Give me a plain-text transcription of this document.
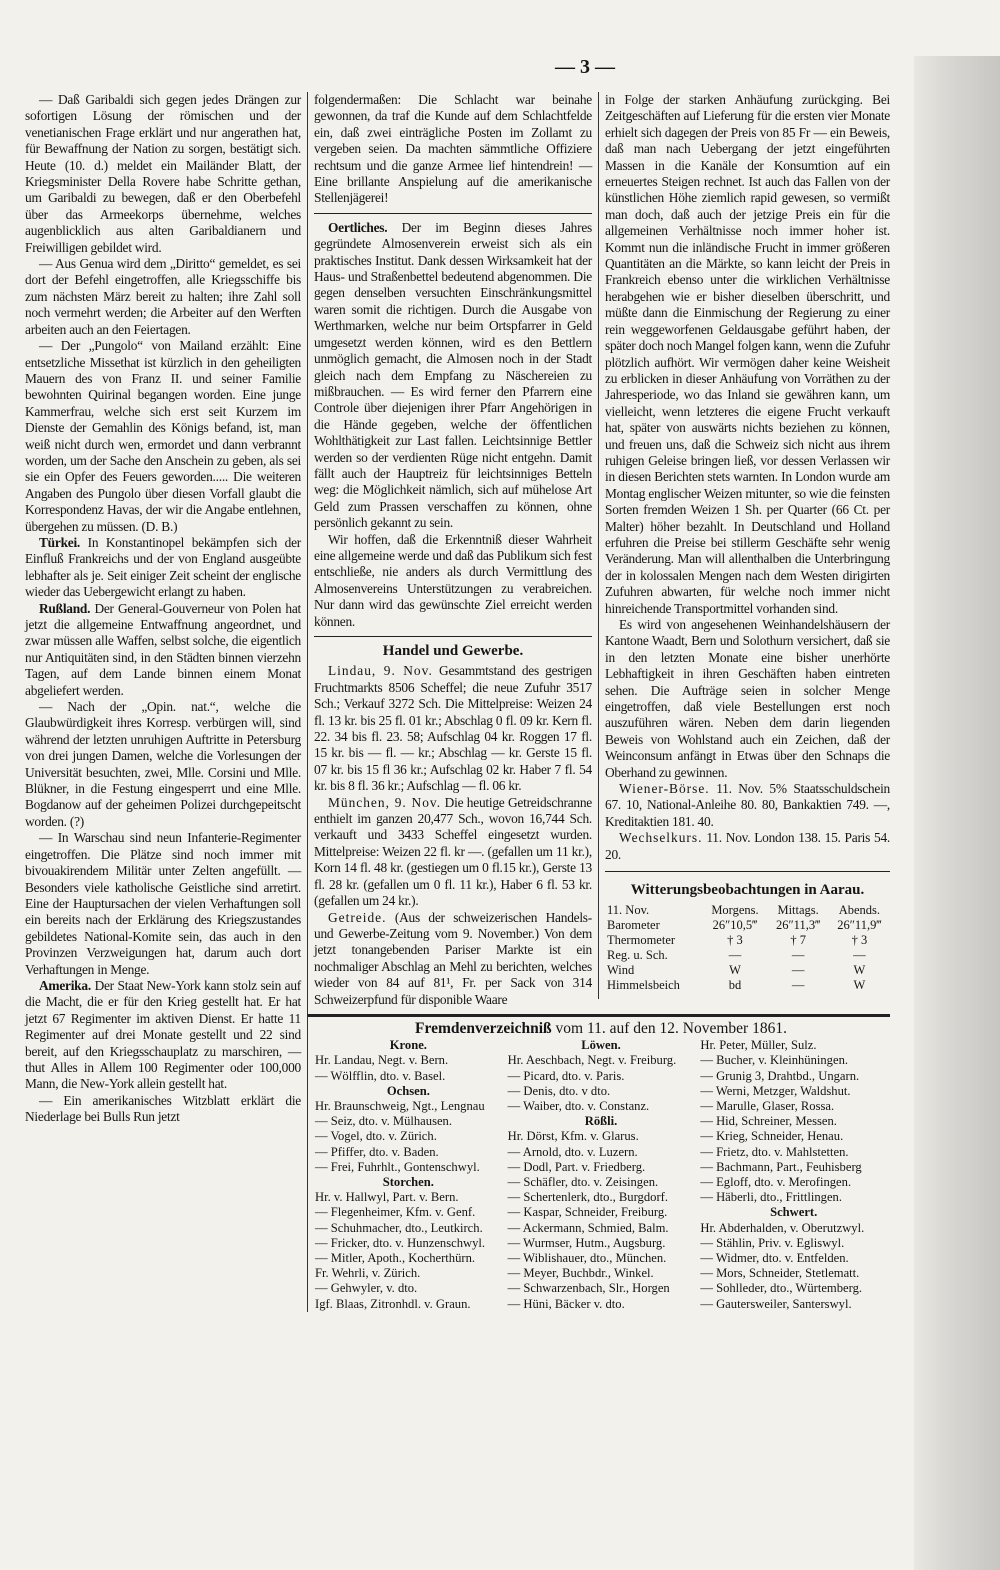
— 3 —

— Daß Garibaldi sich gegen jedes Drängen zur sofortigen Lösung der römischen und der venetianischen Frage erklärt und nur angerathen hat, für Bewaffnung der Nation zu sorgen, bestätigt sich. Heute (10. d.) meldet ein Mailänder Blatt, der Kriegsminister Della Rovere habe Schritte gethan, um Garibaldi zu bewegen, daß er den Oberbefehl über das Armeekorps übernehme, welches augenblicklich aus alten Garibaldianern und Freiwilligen gebildet wird.

— Aus Genua wird dem „Diritto“ gemeldet, es sei dort der Befehl eingetroffen, alle Kriegsschiffe bis zum nächsten März bereit zu halten; ihre Zahl soll noch vermehrt werden; die Arbeiter auf den Werften arbeiten auch an den Feiertagen.

— Der „Pungolo“ von Mailand erzählt: Eine entsetzliche Missethat ist kürzlich in den geheiligten Mauern des von Franz II. und seiner Familie bewohnten Quirinal begangen worden. Eine junge Kammerfrau, welche sich erst seit Kurzem im Dienste der Gemahlin des Königs befand, ist, man weiß nicht durch wen, ermordet und dann verbrannt worden, um der Sache den Anschein zu geben, als sei sie ein Opfer des Feuers geworden..... Die weiteren Angaben des Pungolo über diesen Vorfall glaubt die Korrespondenz Havas, der wir die Angabe entlehnen, übergehen zu müssen. (D. B.)

Türkei. In Konstantinopel bekämpfen sich der Einfluß Frankreichs und der von England ausgeübte lebhafter als je. Seit einiger Zeit scheint der englische wieder das Uebergewicht erlangt zu haben.

Rußland. Der General-Gouverneur von Polen hat jetzt die allgemeine Entwaffnung angeordnet, und zwar müssen alle Waffen, selbst solche, die eigentlich nur Antiquitäten sind, in den Städten binnen vierzehn Tagen, auf dem Lande binnen einem Monat abgeliefert werden.

— Nach der „Opin. nat.“, welche die Glaubwürdigkeit ihres Korresp. verbürgen will, sind während der letzten unruhigen Auftritte in Petersburg von drei jungen Damen, welche die Vorlesungen der Universität besuchten, zwei, Mlle. Corsini und Mlle. Blükner, in die Festung eingesperrt und eine Mlle. Bogdanow auf der geheimen Polizei durchgepeitscht worden. (?)

— In Warschau sind neun Infanterie-Regimenter eingetroffen. Die Plätze sind noch immer mit bivouakirendem Militär unter Zelten angefüllt. — Besonders viele katholische Geistliche sind arretirt. Eine der Hauptursachen der vielen Verhaftungen soll ein bereits nach der Erklärung des Kriegszustandes gebildetes National-Komite sein, das auch in den Provinzen Verzweigungen hat, darum auch dort Verhaftungen in Menge.

Amerika. Der Staat New-York kann stolz sein auf die Macht, die er für den Krieg gestellt hat. Er hat jetzt 67 Regimenter im aktiven Dienst. Er hatte 11 Regimenter auf drei Monate gestellt und 22 sind bereit, auf den Kriegsschauplatz zu marschiren, — thut Alles in Allem 100 Regimenter oder 100,000 Mann, die New-York allein gestellt hat.

— Ein amerikanisches Witzblatt erklärt die Niederlage bei Bulls Run jetzt

folgendermaßen: Die Schlacht war beinahe gewonnen, da traf die Kunde auf dem Schlachtfelde ein, daß zwei einträgliche Posten im Zollamt zu vergeben seien. Da machten sämmtliche Offiziere rechtsum und die ganze Armee lief hintendrein! — Eine brillante Anspielung auf die amerikanische Stellenjägerei!

Oertliches. Der im Beginn dieses Jahres gegründete Almosenverein erweist sich als ein praktisches Institut. Dank dessen Wirksamkeit hat der Haus- und Straßenbettel bedeutend abgenommen. Die gegen denselben versuchten Einschränkungsmittel waren somit die richtigen. Durch die Ausgabe von Werthmarken, welche nur beim Ortspfarrer in Geld umgesetzt werden können, wird es den Bettlern unmöglich gemacht, die Almosen noch in der Stadt gleich nach dem Empfang zu Näschereien zu mißbrauchen. — Es wird ferner den Pfarrern eine Controle über diejenigen ihrer Pfarr Angehörigen in die Hände gegeben, welche der öffentlichen Wohlthätigkeit zur Last fallen. Leichtsinnige Bettler werden so der verdienten Rüge nicht entgehn. Damit fällt auch der Hauptreiz für leichtsinniges Betteln weg: die Möglichkeit nämlich, sich auf mühelose Art Geld zum Prassen verschaffen zu können, ohne persönlich gekannt zu sein.

Wir hoffen, daß die Erkenntniß dieser Wahrheit eine allgemeine werde und daß das Publikum sich fest entschließe, nie anders als durch Vermittlung des Almosenvereins Unterstützungen zu verabreichen. Nur dann wird das gewünschte Ziel erreicht werden können.

Handel und Gewerbe.

Lindau, 9. Nov. Gesammtstand des gestrigen Fruchtmarkts 8506 Scheffel; die neue Zufuhr 3517 Sch.; Verkauf 3272 Sch. Die Mittelpreise: Weizen 24 fl. 13 kr. bis 25 fl. 01 kr.; Abschlag 0 fl. 09 kr. Kern fl. 22. 34 bis fl. 23. 58; Aufschlag 04 kr. Roggen 17 fl. 15 kr. bis — fl. — kr.; Abschlag — kr. Gerste 15 fl. 07 kr. bis 15 fl 36 kr.; Aufschlag 02 kr. Haber 7 fl. 54 kr. bis 8 fl. 36 kr.; Aufschlag — fl. 06 kr.

München, 9. Nov. Die heutige Getreidschranne enthielt im ganzen 20,477 Sch., wovon 16,744 Sch. verkauft und 3433 Scheffel eingesetzt wurden. Mittelpreise: Weizen 22 fl. kr —. (gefallen um 11 kr.), Korn 14 fl. 48 kr. (gestiegen um 0 fl.15 kr.), Gerste 13 fl. 28 kr. (gefallen um 0 fl. 11 kr.), Haber 6 fl. 53 kr. (gefallen um 24 kr.).

Getreide. (Aus der schweizerischen Handels- und Gewerbe-Zeitung vom 9. November.) Von dem jetzt tonangebenden Pariser Markte ist ein nochmaliger Abschlag an Mehl zu berichten, welches wieder von 84 auf 81¹, Fr. per Sack von 314 Schweizerpfund für disponible Waare

in Folge der starken Anhäufung zurückging. Bei Zeitgeschäften auf Lieferung für die ersten vier Monate erhielt sich dagegen der Preis von 85 Fr — ein Beweis, daß man nach Uebergang der jetzt eingeführten Massen in die Kanäle der Konsumtion auf ein erneuertes Steigen rechnet. Ist auch das Fallen von der künstlichen Höhe ziemlich rapid gewesen, so vermißt man doch, daß auch der jetzige Preis ein für die allgemeinen Verhältnisse noch immer hoher ist. Kommt nun die inländische Frucht in immer größeren Quantitäten an die Märkte, so kann leicht der Preis in Frankreich ebenso unter die wirklichen Verhältnisse herabgehen wie er bisher dieselben überschritt, und müßte dann die Einmischung der Regierung zu einer rein weggeworfenen Geldausgabe geführt haben, der später doch noch Mangel folgen kann, wenn die Zufuhr plötzlich aufhört. Wir vermögen daher keine Weisheit zu erblicken in dieser Anhäufung von Vorräthen zu der Jahresperiode, wo das Inland sie gewähren kann, um vielleicht, wenn letzteres die eigene Frucht verkauft hat, später von auswärts nichts beziehen zu können, und freuen uns, daß die Schweiz sich nicht aus ihrem ruhigen Geleise bringen ließ, vor dessen Verlassen wir in diesen Berichten stets warnten. In London wurde am Montag englischer Weizen mitunter, so wie die feinsten Sorten fremden Weizen 1 Sh. per Quarter (66 Ct. per Malter) höher bezahlt. In Deutschland und Holland erfuhren die Preise bei stillerm Geschäfte sehr wenig Veränderung. Man will allenthalben die Unterbringung der in kolossalen Mengen nach dem Westen dirigirten Zufuhren abwarten, für welche noch immer nicht hinreichende Transportmittel vorhanden sind.

Es wird von angesehenen Weinhandelshäusern der Kantone Waadt, Bern und Solothurn versichert, daß sie in den letzten Monate eine bisher unerhörte Lebhaftigkeit in ihren Geschäften haben eintreten sehen. Die Aufträge seien in solcher Menge eingetroffen, daß viele Bestellungen erst noch auszuführen wären. Neben dem darin liegenden Beweis von Wohlstand auch ein Zeichen, daß der Weinconsum anfängt in Etwas über den Schnaps die Oberhand zu gewinnen.

Wiener-Börse. 11. Nov. 5% Staatsschuldschein 67. 10, National-Anleihe 80. 80, Bankaktien 749. —, Kreditaktien 181. 40.

Wechselkurs. 11. Nov. London 138. 15. Paris 54. 20.

Witterungsbeobachtungen in Aarau.
11. Nov.	Morgens.	Mittags.	Abends.
Barometer	26″10,5‴	26″11,3‴	26″11,9‴
Thermometer	† 3	† 7	† 3
Reg. u. Sch.	—	—	—
Wind	W	—	W
Himmelsbeich	bd	—	W
Fremdenverzeichniß vom 11. auf den 12. November 1861.
Krone.
Hr. Landau, Negt. v. Bern.
— Wölfflin, dto. v. Basel.
Ochsen.
Hr. Braunschweig, Ngt., Lengnau
— Seiz, dto. v. Mülhausen.
— Vogel, dto. v. Zürich.
— Pfiffer, dto. v. Baden.
— Frei, Fuhrhlt., Gontenschwyl.
Storchen.
Hr. v. Hallwyl, Part. v. Bern.
— Flegenheimer, Kfm. v. Genf.
— Schuhmacher, dto., Leutkirch.
— Fricker, dto. v. Hunzenschwyl.
— Mitler, Apoth., Kocherthürn.
Fr. Wehrli, v. Zürich.
— Gehwyler, v. dto.
Igf. Blaas, Zitronhdl. v. Graun.
Löwen.
Hr. Aeschbach, Negt. v. Freiburg.
— Picard, dto. v. Paris.
— Denis, dto. v dto.
— Waiber, dto. v. Constanz.
Rößli.
Hr. Dörst, Kfm. v. Glarus.
— Arnold, dto. v. Luzern.
— Dodl, Part. v. Friedberg.
— Schäfler, dto. v. Zeisingen.
— Schertenlerk, dto., Burgdorf.
— Kaspar, Schneider, Freiburg.
— Ackermann, Schmied, Balm.
— Wurmser, Hutm., Augsburg.
— Wiblishauer, dto., München.
— Meyer, Buchbdr., Winkel.
— Schwarzenbach, Slr., Horgen
— Hüni, Bäcker v. dto.
Hr. Peter, Müller, Sulz.
— Bucher, v. Kleinhüningen.
— Grunig 3, Drahtbd., Ungarn.
— Werni, Metzger, Waldshut.
— Marulle, Glaser, Rossa.
— Hid, Schreiner, Messen.
— Krieg, Schneider, Henau.
— Frietz, dto. v. Mahlstetten.
— Bachmann, Part., Feuhisberg
— Egloff, dto. v. Merofingen.
— Häberli, dto., Frittlingen.
Schwert.
Hr. Abderhalden, v. Oberutzwyl.
— Stählin, Priv. v. Egliswyl.
— Widmer, dto. v. Entfelden.
— Mors, Schneider, Stetlematt.
— Sohlleder, dto., Würtemberg.
— Gautersweiler, Santerswyl.
